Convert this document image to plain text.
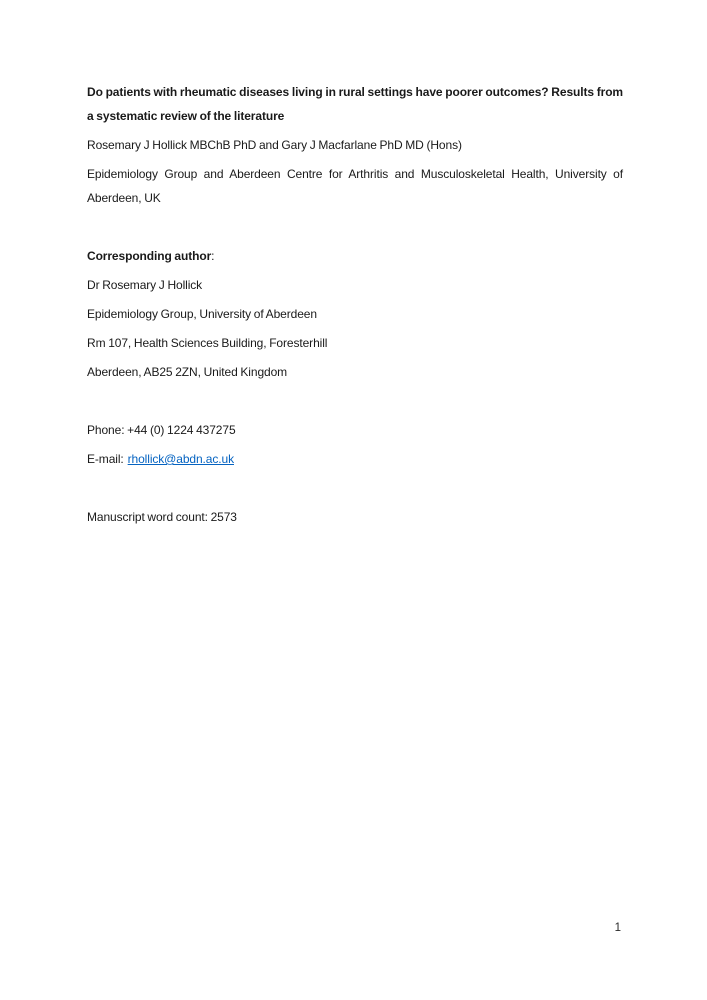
Do patients with rheumatic diseases living in rural settings have poorer outcomes? Results from a systematic review of the literature

Rosemary J Hollick MBChB PhD and Gary J Macfarlane PhD MD (Hons)

Epidemiology Group and Aberdeen Centre for Arthritis and Musculoskeletal Health, University of Aberdeen, UK

Corresponding author:

Dr Rosemary J Hollick

Epidemiology Group, University of Aberdeen

Rm 107, Health Sciences Building, Foresterhill

Aberdeen, AB25 2ZN, United Kingdom

Phone: +44 (0) 1224 437275

E-mail: rhollick@abdn.ac.uk

Manuscript word count: 2573

1
